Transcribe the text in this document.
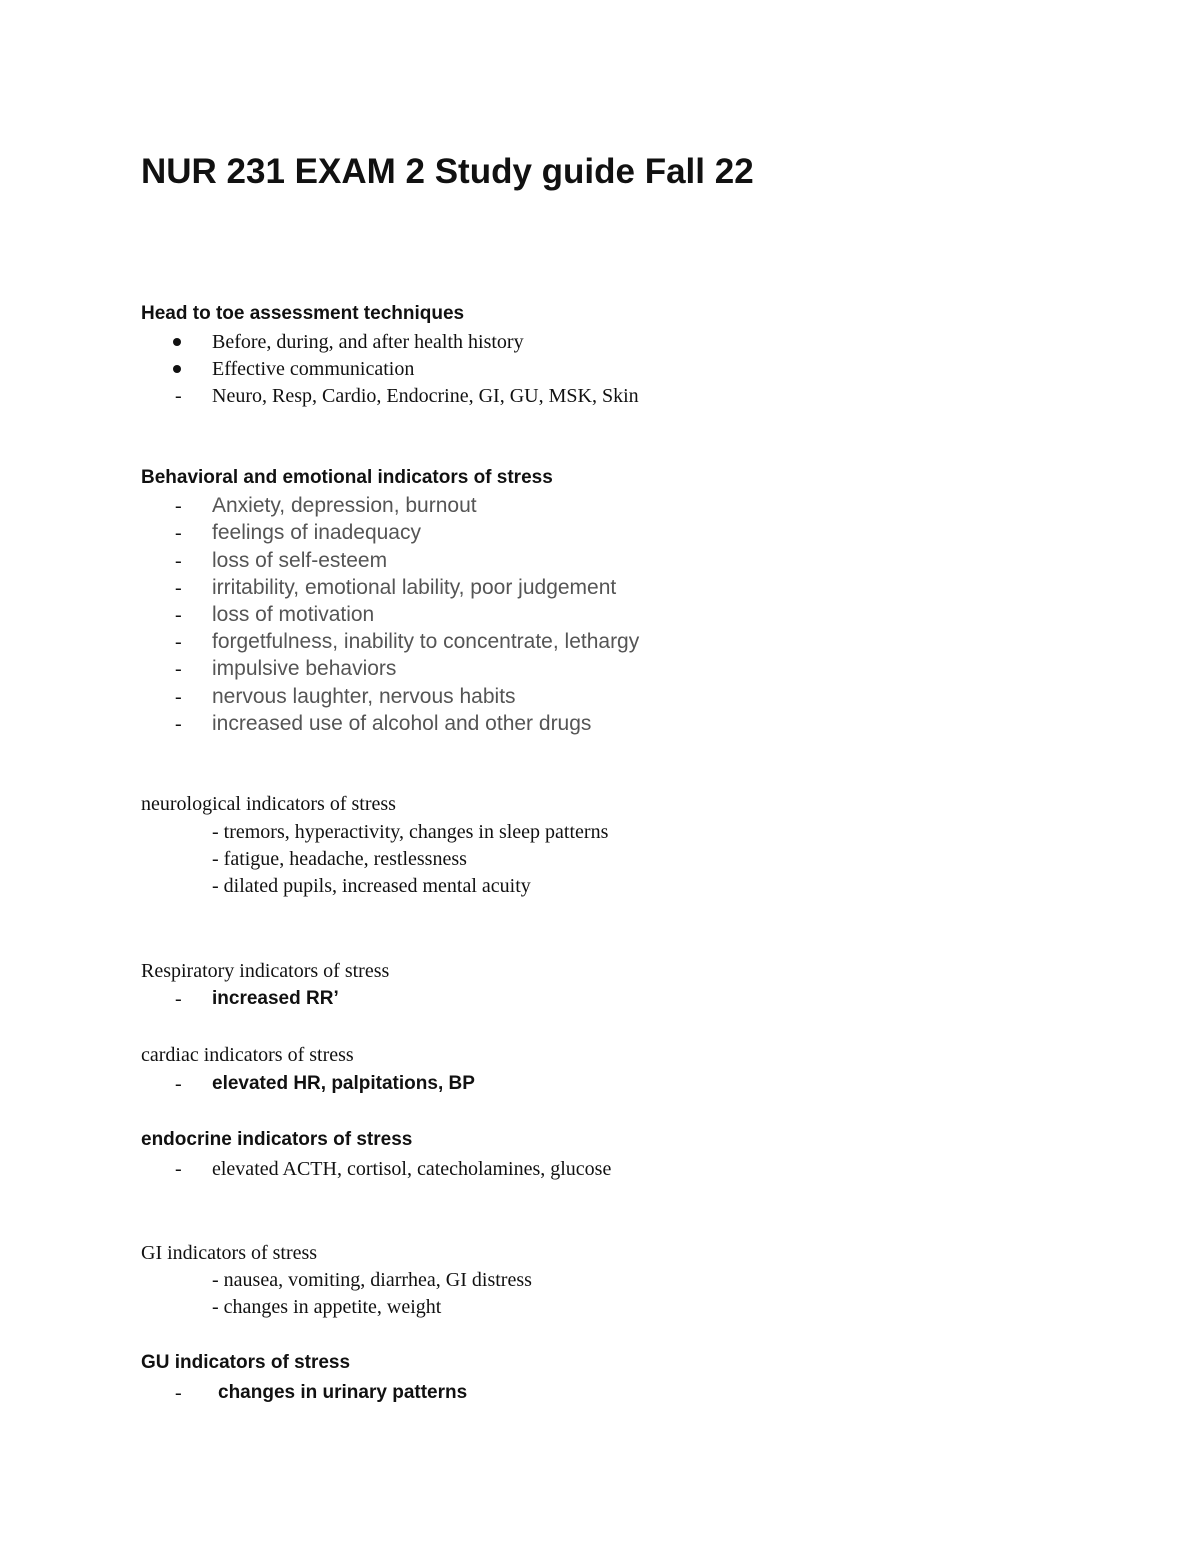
NUR 231 EXAM 2 Study guide Fall 22
Head to toe assessment techniques
Before, during, and after health history
Effective communication
-	Neuro, Resp, Cardio, Endocrine, GI, GU, MSK, Skin
Behavioral and emotional indicators of stress
-	Anxiety, depression, burnout
-	feelings of inadequacy
-	loss of self-esteem
-	irritability, emotional lability, poor judgement
-	loss of motivation
-	forgetfulness, inability to concentrate, lethargy
-	impulsive behaviors
-	nervous laughter, nervous habits
-	increased use of alcohol and other drugs
neurological indicators of stress
- tremors, hyperactivity, changes in sleep patterns
- fatigue, headache, restlessness
- dilated pupils, increased mental acuity
Respiratory indicators of stress
-	increased RR’
cardiac indicators of stress
-	elevated HR, palpitations, BP
endocrine indicators of stress
-	elevated ACTH, cortisol, catecholamines, glucose
GI indicators of stress
- nausea, vomiting, diarrhea, GI distress
- changes in appetite, weight
GU indicators of stress
-	changes in urinary patterns
